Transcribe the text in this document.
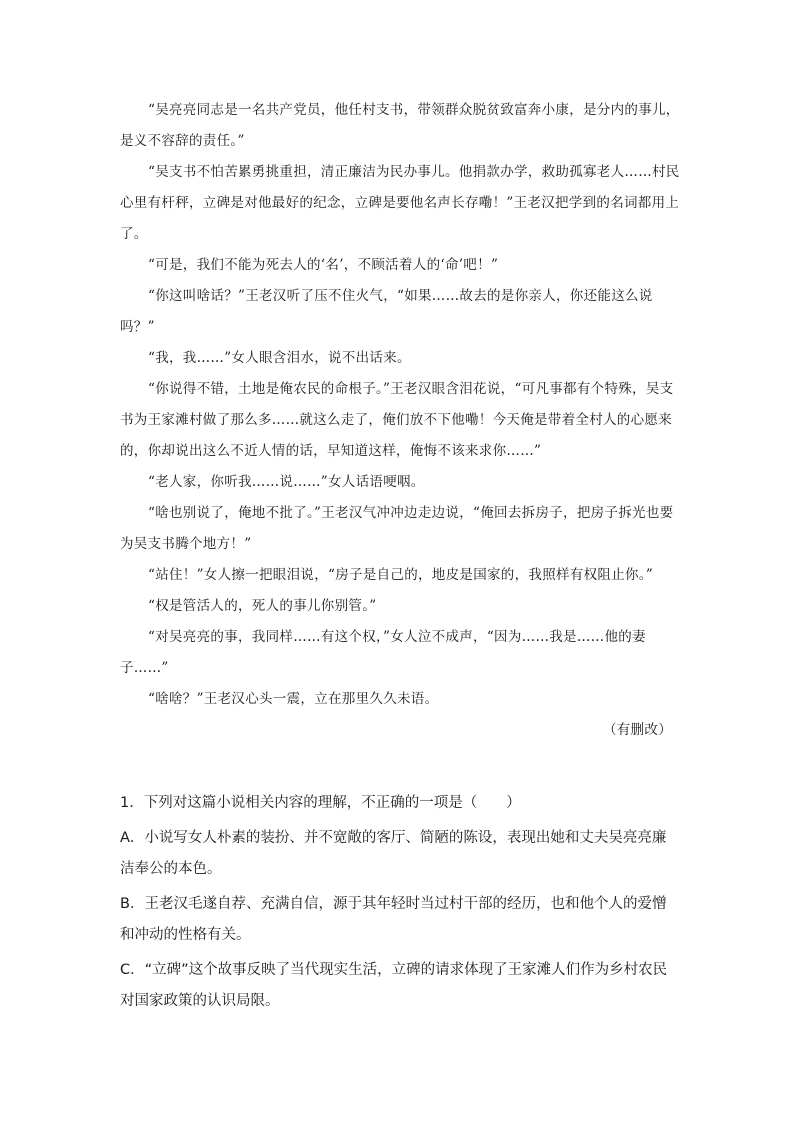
“吴亮亮同志是一名共产党员，他任村支书，带领群众脱贫致富奔小康，是分内的事儿，是义不容辞的责任。”

“吴支书不怕苦累勇挑重担，清正廉洁为民办事儿。他捐款办学，救助孤寡老人……村民心里有杆秤，立碑是对他最好的纪念，立碑是要他名声长存嘞！”王老汉把学到的名词都用上了。

“可是，我们不能为死去人的‘名’，不顾活着人的‘命’吧！”

“你这叫啥话？”王老汉听了压不住火气，“如果……故去的是你亲人，你还能这么说吗？”

“我，我……”女人眼含泪水，说不出话来。

“你说得不错，土地是俺农民的命根子。”王老汉眼含泪花说，“可凡事都有个特殊，吴支书为王家滩村做了那么多……就这么走了，俺们放不下他嘞！今天俺是带着全村人的心愿来的，你却说出这么不近人情的话，早知道这样，俺悔不该来求你……”

“老人家，你听我……说……”女人话语哽咽。

“啥也别说了，俺地不批了。”王老汉气冲冲边走边说，“俺回去拆房子，把房子拆光也要为吴支书腾个地方！”

“站住！”女人擦一把眼泪说，“房子是自己的，地皮是国家的，我照样有权阻止你。”

“权是管活人的，死人的事儿你别管。”

“对吴亮亮的事，我同样……有这个权，”女人泣不成声，“因为……我是……他的妻子……”

“啥啥？”王老汉心头一震，立在那里久久未语。

（有删改）

1．下列对这篇小说相关内容的理解，不正确的一项是（　　）

A．小说写女人朴素的装扮、并不宽敞的客厅、简陋的陈设，表现出她和丈夫吴亮亮廉洁奉公的本色。

B．王老汉毛遂自荐、充满自信，源于其年轻时当过村干部的经历，也和他个人的爱憎和冲动的性格有关。

C．“立碑”这个故事反映了当代现实生活，立碑的请求体现了王家滩人们作为乡村农民对国家政策的认识局限。
